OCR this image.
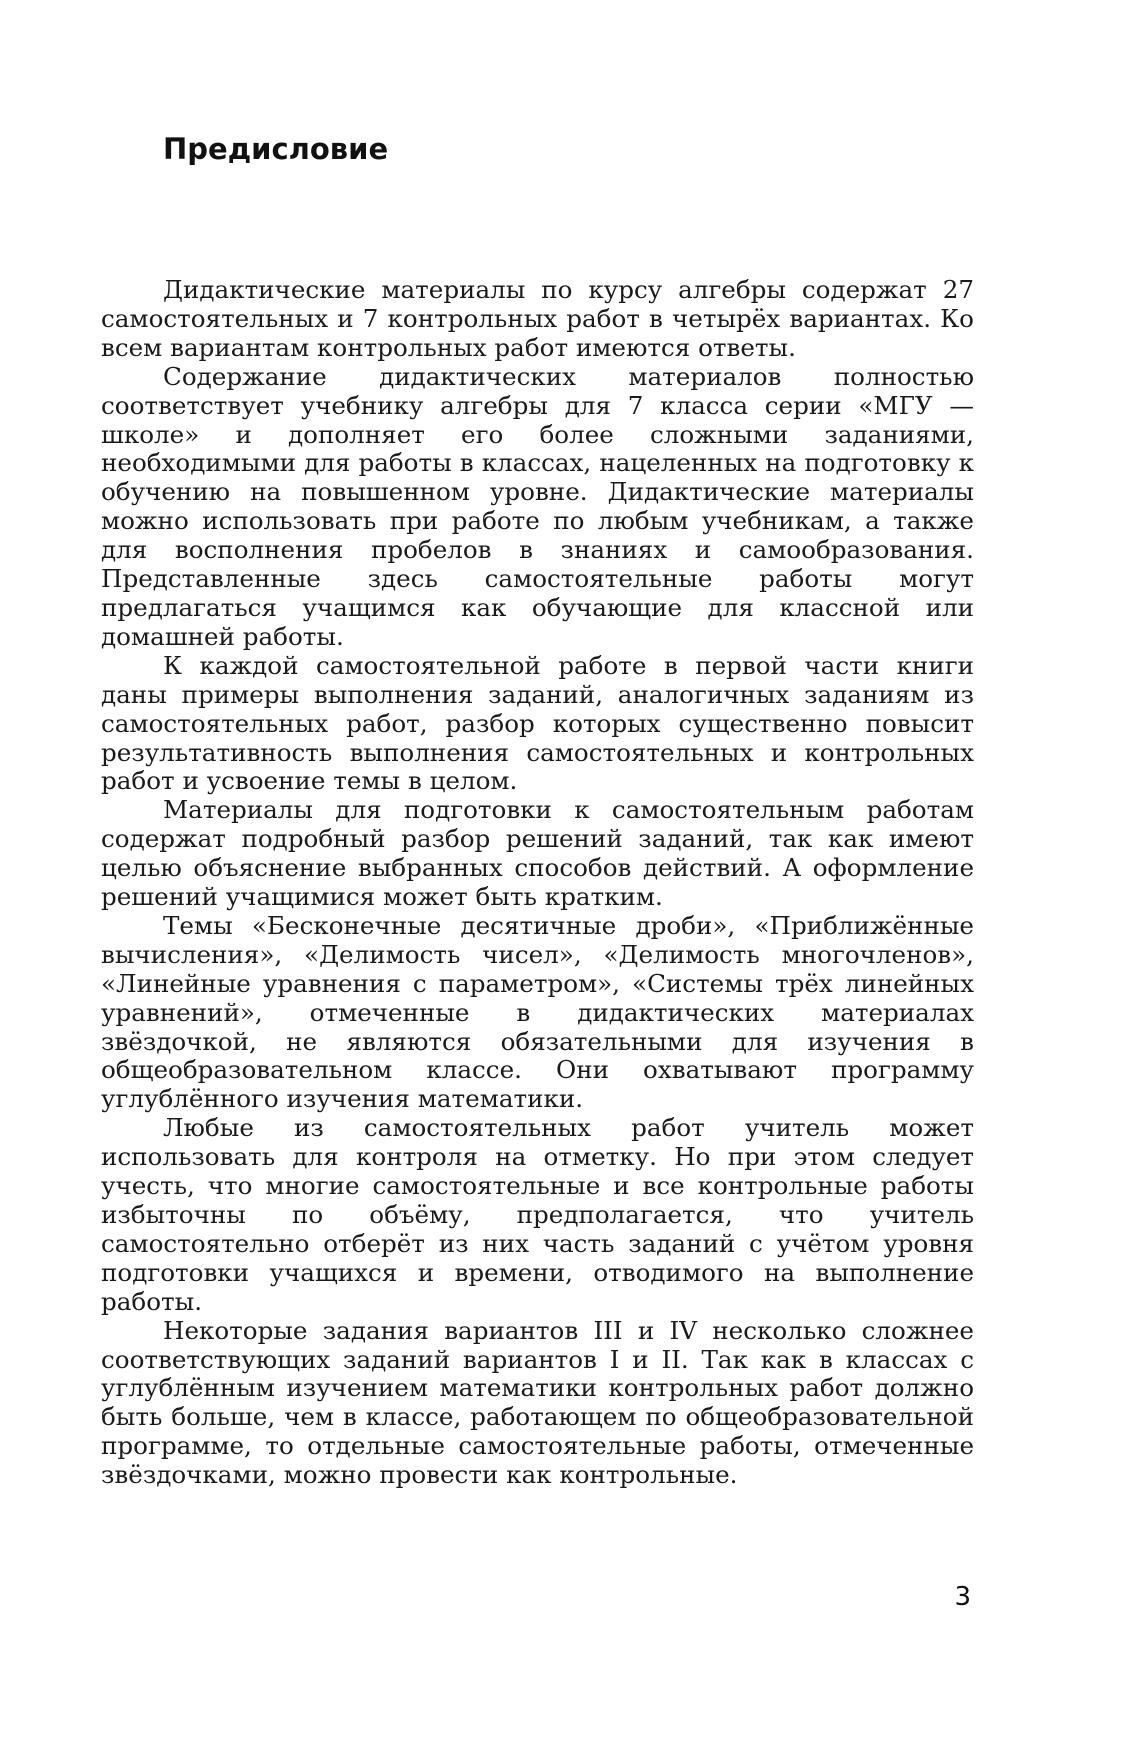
Предисловие

Дидактические материалы по курсу алгебры содержат 27 самостоятельных и 7 контрольных работ в четырёх вариантах. Ко всем вариантам контрольных работ имеются ответы.

Содержание дидактических материалов полностью соответствует учебнику алгебры для 7 класса серии «МГУ — школе» и дополняет его более сложными заданиями, необходимыми для работы в классах, нацеленных на подготовку к обучению на повышенном уровне. Дидактические материалы можно использовать при работе по любым учебникам, а также для восполнения пробелов в знаниях и самообразования. Представленные здесь самостоятельные работы могут предлагаться учащимся как обучающие для классной или домашней работы.

К каждой самостоятельной работе в первой части книги даны примеры выполнения заданий, аналогичных заданиям из самостоятельных работ, разбор которых существенно повысит результативность выполнения самостоятельных и контрольных работ и усвоение темы в целом.

Материалы для подготовки к самостоятельным работам содержат подробный разбор решений заданий, так как имеют целью объяснение выбранных способов действий. А оформление решений учащимися может быть кратким.

Темы «Бесконечные десятичные дроби», «Приближённые вычисления», «Делимость чисел», «Делимость многочленов», «Линейные уравнения с параметром», «Системы трёх линейных уравнений», отмеченные в дидактических материалах звёздочкой, не являются обязательными для изучения в общеобразовательном классе. Они охватывают программу углублённого изучения математики.

Любые из самостоятельных работ учитель может использовать для контроля на отметку. Но при этом следует учесть, что многие самостоятельные и все контрольные работы избыточны по объёму, предполагается, что учитель самостоятельно отберёт из них часть заданий с учётом уровня подготовки учащихся и времени, отводимого на выполнение работы.

Некоторые задания вариантов III и IV несколько сложнее соответствующих заданий вариантов I и II. Так как в классах с углублённым изучением математики контрольных работ должно быть больше, чем в классе, работающем по общеобразовательной программе, то отдельные самостоятельные работы, отмеченные звёздочками, можно провести как контрольные.

3
